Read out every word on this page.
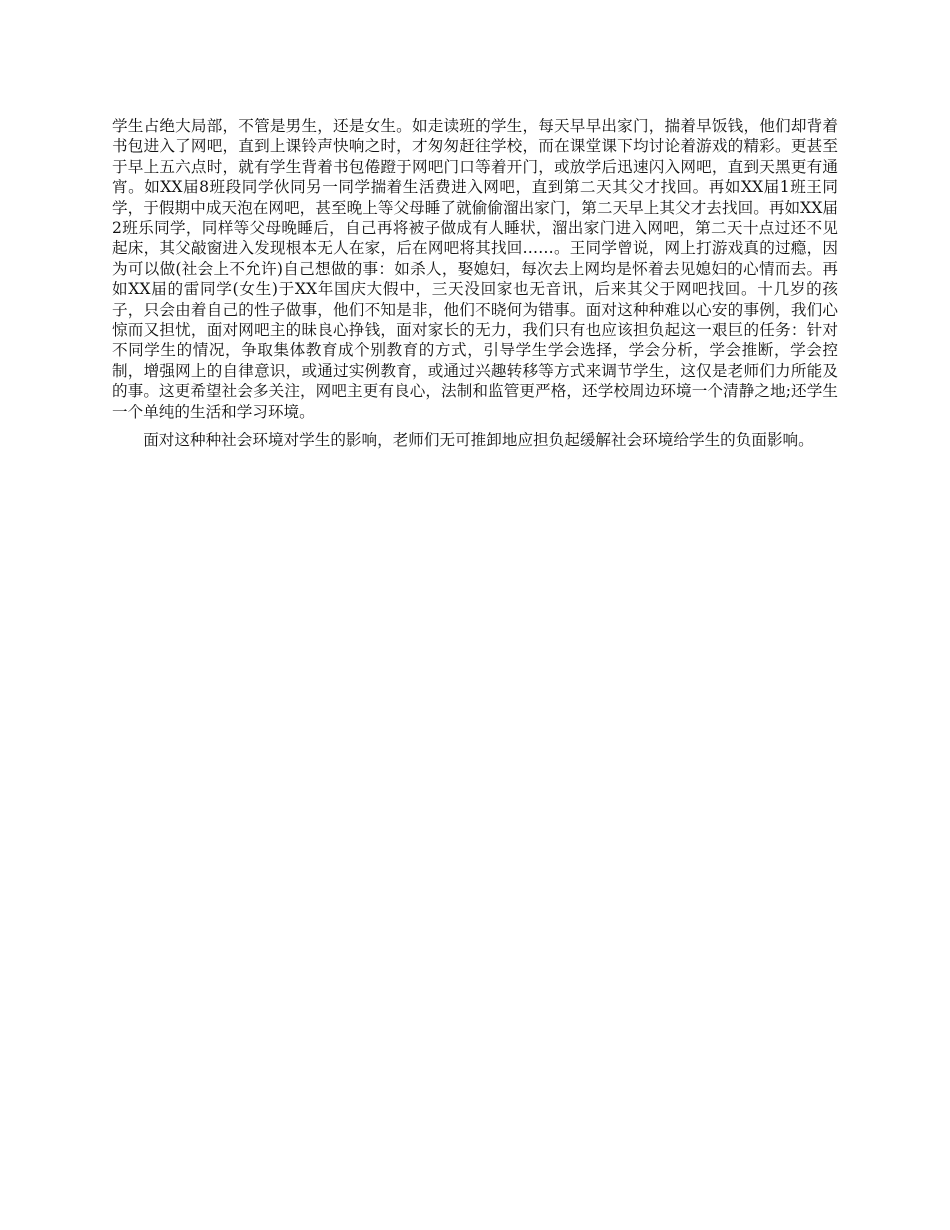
学生占绝大局部，不管是男生，还是女生。如走读班的学生，每天早早出家门，揣着早饭钱，他们却背着书包进入了网吧，直到上课铃声快响之时，才匆匆赶往学校，而在课堂课下均讨论着游戏的精彩。更甚至于早上五六点时，就有学生背着书包倦蹬于网吧门口等着开门，或放学后迅速闪入网吧，直到天黑更有通宵。如XX届8班段同学伙同另一同学揣着生活费进入网吧，直到第二天其父才找回。再如XX届1班王同学，于假期中成天泡在网吧，甚至晚上等父母睡了就偷偷溜出家门，第二天早上其父才去找回。再如XX届2班乐同学，同样等父母晚睡后，自己再将被子做成有人睡状，溜出家门进入网吧，第二天十点过还不见起床，其父敲窗进入发现根本无人在家，后在网吧将其找回……。王同学曾说，网上打游戏真的过瘾，因为可以做(社会上不允许)自己想做的事：如杀人，娶媳妇，每次去上网均是怀着去见媳妇的心情而去。再如XX届的雷同学(女生)于XX年国庆大假中，三天没回家也无音讯，后来其父于网吧找回。十几岁的孩子，只会由着自己的性子做事，他们不知是非，他们不晓何为错事。面对这种种难以心安的事例，我们心惊而又担忧，面对网吧主的昧良心挣钱，面对家长的无力，我们只有也应该担负起这一艰巨的任务：针对不同学生的情况，争取集体教育成个别教育的方式，引导学生学会选择，学会分析，学会推断，学会控制，增强网上的自律意识，或通过实例教育，或通过兴趣转移等方式来调节学生，这仅是老师们力所能及的事。这更希望社会多关注，网吧主更有良心，法制和监管更严格，还学校周边环境一个清静之地;还学生一个单纯的生活和学习环境。

面对这种种社会环境对学生的影响，老师们无可推卸地应担负起缓解社会环境给学生的负面影响。
